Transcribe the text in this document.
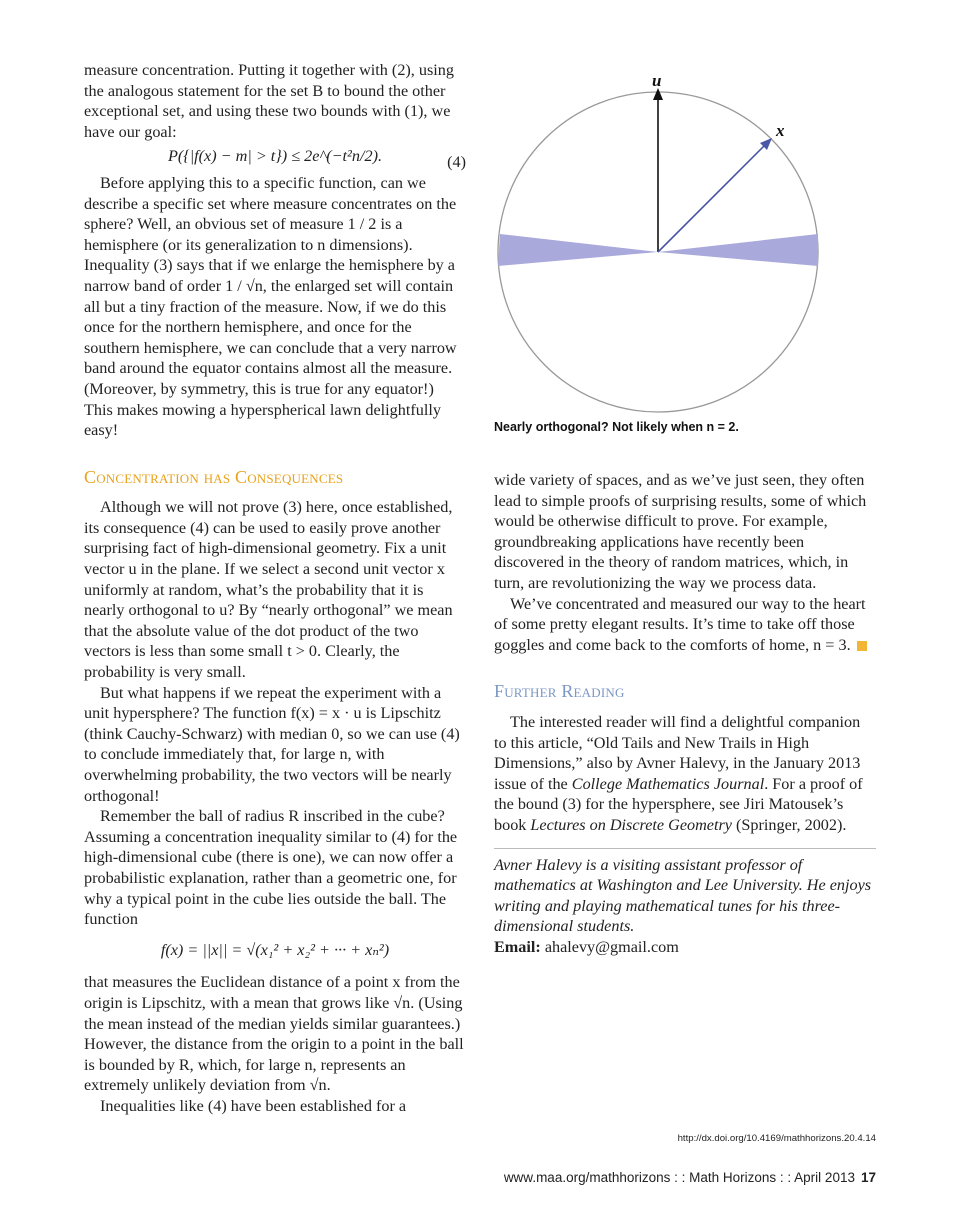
measure concentration. Putting it together with (2), using the analogous statement for the set B to bound the other exceptional set, and using these two bounds with (1), we have our goal:

P({|f(x) − m| > t}) ≤ 2e^(−t²n/2).	(4)

Before applying this to a specific function, can we describe a specific set where measure concentrates on the sphere? Well, an obvious set of measure 1 / 2 is a hemisphere (or its generalization to n dimensions). Inequality (3) says that if we enlarge the hemisphere by a narrow band of order 1 / √n, the enlarged set will contain all but a tiny fraction of the measure. Now, if we do this once for the northern hemisphere, and once for the southern hemisphere, we can conclude that a very narrow band around the equator contains almost all the measure. (Moreover, by symmetry, this is true for any equator!) This makes mowing a hyperspherical lawn delightfully easy!

Concentration has Consequences

Although we will not prove (3) here, once established, its consequence (4) can be used to easily prove another surprising fact of high-dimensional geometry. Fix a unit vector u in the plane. If we select a second unit vector x uniformly at random, what’s the probability that it is nearly orthogonal to u? By “nearly orthogonal” we mean that the absolute value of the dot product of the two vectors is less than some small t > 0. Clearly, the probability is very small.

But what happens if we repeat the experiment with a unit hypersphere? The function f(x) = x · u is Lipschitz (think Cauchy-Schwarz) with median 0, so we can use (4) to conclude immediately that, for large n, with overwhelming probability, the two vectors will be nearly orthogonal!

Remember the ball of radius R inscribed in the cube? Assuming a concentration inequality similar to (4) for the high-dimensional cube (there is one), we can now offer a probabilistic explanation, rather than a geometric one, for why a typical point in the cube lies outside the ball. The function

f(x) = ||x|| = √(x₁² + x₂² + ··· + xₙ²)

that measures the Euclidean distance of a point x from the origin is Lipschitz, with a mean that grows like √n. (Using the mean instead of the median yields similar guarantees.) However, the distance from the origin to a point in the ball is bounded by R, which, for large n, represents an extremely unlikely deviation from √n.

Inequalities like (4) have been established for a

u
x
Nearly orthogonal? Not likely when n = 2.

wide variety of spaces, and as we’ve just seen, they often lead to simple proofs of surprising results, some of which would be otherwise difficult to prove. For example, groundbreaking applications have recently been discovered in the theory of random matrices, which, in turn, are revolutionizing the way we process data.

We’ve concentrated and measured our way to the heart of some pretty elegant results. It’s time to take off those goggles and come back to the comforts of home, n = 3.

Further Reading

The interested reader will find a delightful companion to this article, “Old Tails and New Trails in High Dimensions,” also by Avner Halevy, in the January 2013 issue of the College Mathematics Journal. For a proof of the bound (3) for the hypersphere, see Jiri Matousek’s book Lectures on Discrete Geometry (Springer, 2002).

Avner Halevy is a visiting assistant professor of mathematics at Washington and Lee University. He enjoys writing and playing mathematical tunes for his three-dimensional students.
Email: ahalevy@gmail.com
http://dx.doi.org/10.4169/mathhorizons.20.4.14
www.maa.org/mathhorizons : : Math Horizons : : April 2013 17
